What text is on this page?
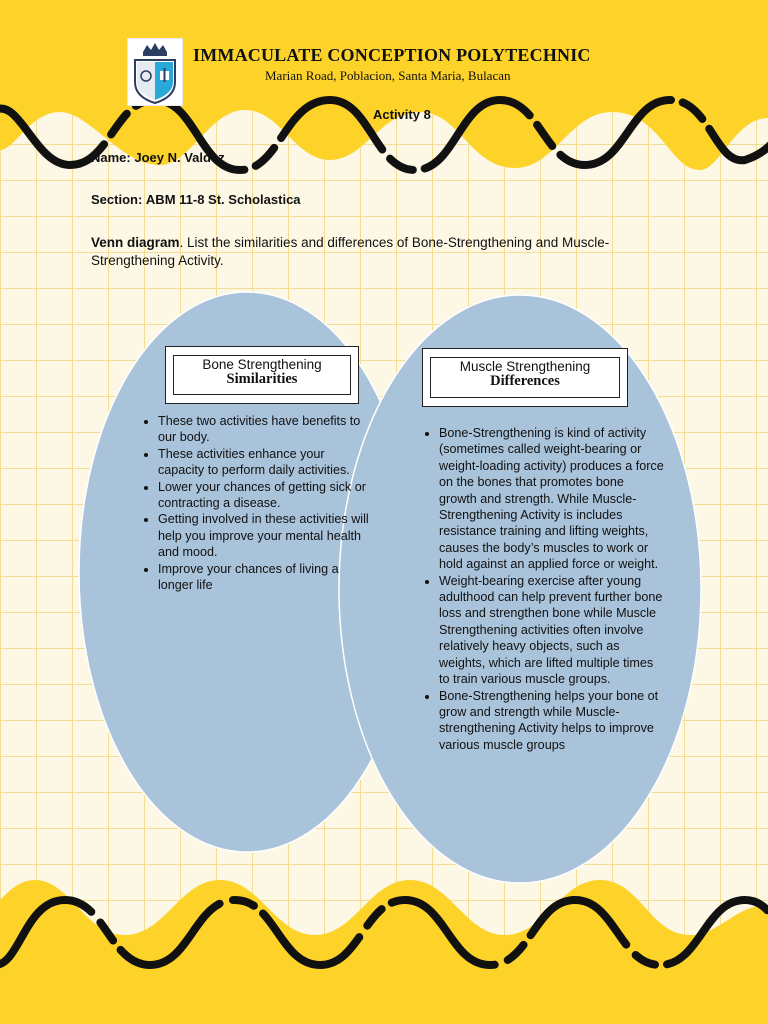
IMMACULATE CONCEPTION POLYTECHNIC

Marian Road, Poblacion, Santa Maria, Bulacan

Activity 8
Name: Joey N. Valdez
Section: ABM 11-8 St. Scholastica
Venn diagram. List the similarities and differences of Bone-Strengthening and Muscle-Strengthening Activity.
Bone Strengthening
Similarities
Muscle Strengthening
Differences
• These two activities have benefits to our body.
• These activities enhance your capacity to perform daily activities.
• Lower your chances of getting sick or contracting a disease.
• Getting involved in these activities will help you improve your mental health and mood.
• Improve your chances of living a longer life
• Bone-Strengthening is kind of activity (sometimes called weight-bearing or weight-loading activity) produces a force on the bones that promotes bone growth and strength. While Muscle-Strengthening Activity is includes resistance training and lifting weights, causes the body’s muscles to work or hold against an applied force or weight.
• Weight-bearing exercise after young adulthood can help prevent further bone loss and strengthen bone while Muscle Strengthening activities often involve relatively heavy objects, such as weights, which are lifted multiple times to train various muscle groups.
• Bone-Strengthening helps your bone ot grow and strength while Muscle-strengthening Activity helps to improve various muscle groups
